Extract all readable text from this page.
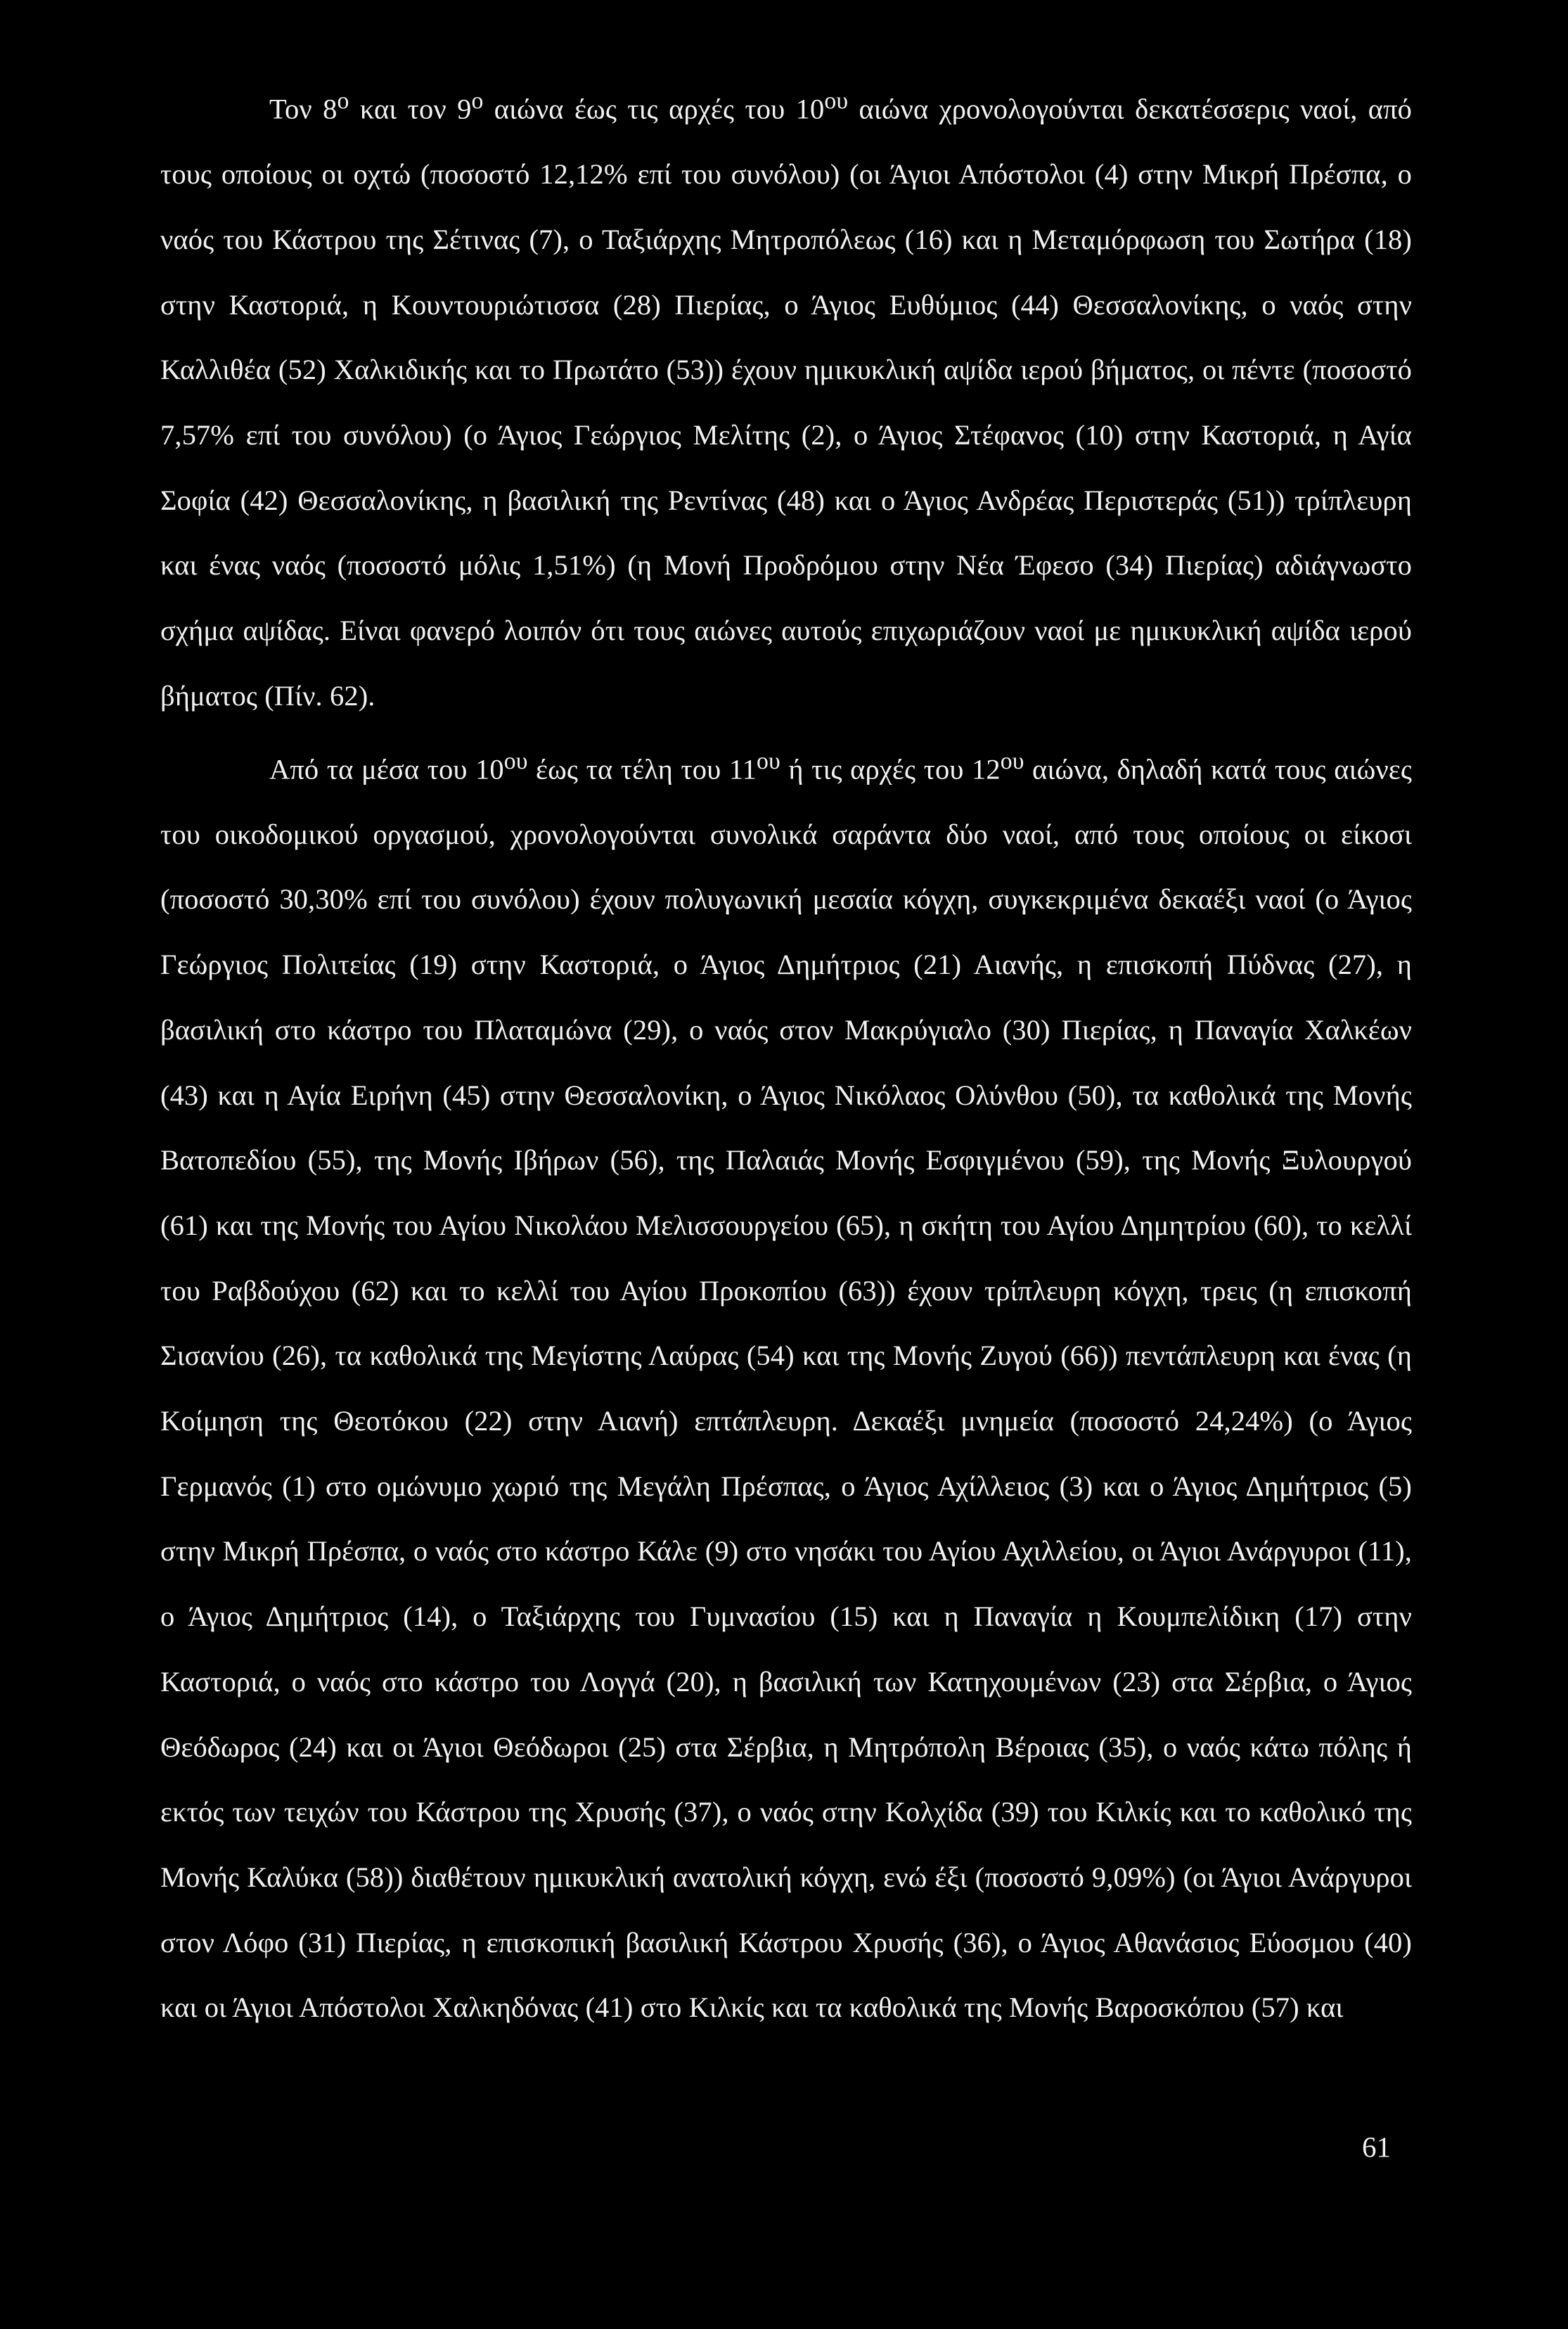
Τον $8^o$ και τον $9^o$ αιώνα έως τις αρχές του $10^{o\upsilon}$ αιώνα χρονολογούνται δεκατέσσερις ναοί, από τους οποίους οι οχτώ (ποσοστό 12,12% επί του συνόλου) (οι Άγιοι Απόστολοι (4) στην Μικρή Πρέσπα, ο ναός του Κάστρου της Σέτινας (7), ο Ταξιάρχης Μητροπόλεως (16) και η Μεταμόρφωση του Σωτήρα (18) στην Καστοριά, η Κουντουριώτισσα (28) Πιερίας, ο Άγιος Ευθύμιος (44) Θεσσαλονίκης, ο ναός στην Καλλιθέα (52) Χαλκιδικής και το Πρωτάτο (53)) έχουν ημικυκλική αψίδα ιερού βήματος, οι πέντε (ποσοστό 7,57% επί του συνόλου) (ο Άγιος Γεώργιος Μελίτης (2), ο Άγιος Στέφανος (10) στην Καστοριά, η Αγία Σοφία (42) Θεσσαλονίκης, η βασιλική της Ρεντίνας (48) και ο Άγιος Ανδρέας Περιστεράς (51)) τρίπλευρη και ένας ναός (ποσοστό μόλις 1,51%) (η Μονή Προδρόμου στην Νέα Έφεσο (34) Πιερίας) αδιάγνωστο σχήμα αψίδας. Είναι φανερό λοιπόν ότι τους αιώνες αυτούς επιχωριάζουν ναοί με ημικυκλική αψίδα ιερού βήματος (Πίν. 62).

Από τα μέσα του $10^{o\upsilon}$ έως τα τέλη του $11^{o\upsilon}$ ή τις αρχές του $12^{o\upsilon}$ αιώνα, δηλαδή κατά τους αιώνες του οικοδομικού οργασμού, χρονολογούνται συνολικά σαράντα δύο ναοί, από τους οποίους οι είκοσι (ποσοστό 30,30% επί του συνόλου) έχουν πολυγωνική μεσαία κόγχη, συγκεκριμένα δεκαέξι ναοί (ο Άγιος Γεώργιος Πολιτείας (19) στην Καστοριά, ο Άγιος Δημήτριος (21) Αιανής, η επισκοπή Πύδνας (27), η βασιλική στο κάστρο του Πλαταμώνα (29), ο ναός στον Μακρύγιαλο (30) Πιερίας, η Παναγία Χαλκέων (43) και η Αγία Ειρήνη (45) στην Θεσσαλονίκη, ο Άγιος Νικόλαος Ολύνθου (50), τα καθολικά της Μονής Βατοπεδίου (55), της Μονής Ιβήρων (56), της Παλαιάς Μονής Εσφιγμένου (59), της Μονής Ξυλουργού (61) και της Μονής του Αγίου Νικολάου Μελισσουργείου (65), η σκήτη του Αγίου Δημητρίου (60), το κελλί του Ραβδούχου (62) και το κελλί του Αγίου Προκοπίου (63)) έχουν τρίπλευρη κόγχη, τρεις (η επισκοπή Σισανίου (26), τα καθολικά της Μεγίστης Λαύρας (54) και της Μονής Ζυγού (66)) πεντάπλευρη και ένας (η Κοίμηση της Θεοτόκου (22) στην Αιανή) επτάπλευρη. Δεκαέξι μνημεία (ποσοστό 24,24%) (ο Άγιος Γερμανός (1) στο ομώνυμο χωριό της Μεγάλη Πρέσπας, ο Άγιος Αχίλλειος (3) και ο Άγιος Δημήτριος (5) στην Μικρή Πρέσπα, ο ναός στο κάστρο Κάλε (9) στο νησάκι του Αγίου Αχιλλείου, οι Άγιοι Ανάργυροι (11), ο Άγιος Δημήτριος (14), ο Ταξιάρχης του Γυμνασίου (15) και η Παναγία η Κουμπελίδικη (17) στην Καστοριά, ο ναός στο κάστρο του Λογγά (20), η βασιλική των Κατηχουμένων (23) στα Σέρβια, ο Άγιος Θεόδωρος (24) και οι Άγιοι Θεόδωροι (25) στα Σέρβια, η Μητρόπολη Βέροιας (35), ο ναός κάτω πόλης ή εκτός των τειχών του Κάστρου της Χρυσής (37), ο ναός στην Κολχίδα (39) του Κιλκίς και το καθολικό της Μονής Καλύκα (58)) διαθέτουν ημικυκλική ανατολική κόγχη, ενώ έξι (ποσοστό 9,09%) (οι Άγιοι Ανάργυροι στον Λόφο (31) Πιερίας, η επισκοπική βασιλική Κάστρου Χρυσής (36), ο Άγιος Αθανάσιος Εύοσμου (40) και οι Άγιοι Απόστολοι Χαλκηδόνας (41) στο Κιλκίς και τα καθολικά της Μονής Βαροσκόπου (57) και

61
